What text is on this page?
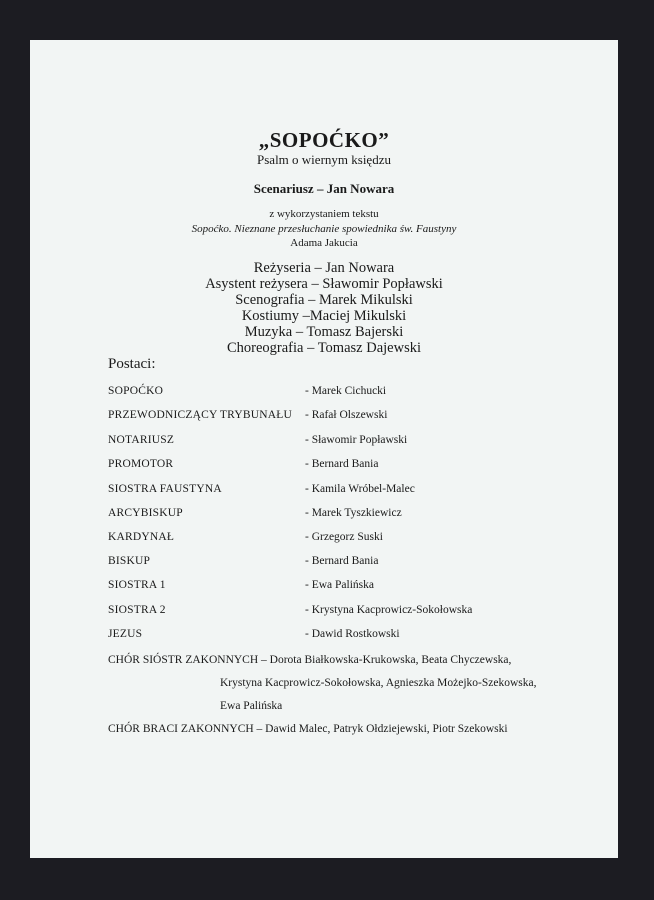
„SOPOĆKO”
Psalm o wiernym księdzu
Scenariusz – Jan Nowara
z wykorzystaniem tekstu
Sopoćko. Nieznane przesłuchanie spowiednika św. Faustyny
Adama Jakucia
Reżyseria – Jan Nowara
Asystent reżysera – Sławomir Popławski
Scenografia – Marek Mikulski
Kostiumy –Maciej Mikulski
Muzyka – Tomasz Bajerski
Choreografia – Tomasz Dajewski
Postaci:
SOPOĆKO	- Marek Cichucki
PRZEWODNICZĄCY TRYBUNAŁU - Rafał Olszewski
NOTARIUSZ	- Sławomir Popławski
PROMOTOR	- Bernard Bania
SIOSTRA FAUSTYNA	- Kamila Wróbel-Malec
ARCYBISKUP	- Marek Tyszkiewicz
KARDYNAŁ	- Grzegorz Suski
BISKUP	- Bernard Bania
SIOSTRA 1	- Ewa Palińska
SIOSTRA 2	- Krystyna Kacprowicz-Sokołowska
JEZUS	- Dawid Rostkowski
CHÓR SIÓSTR ZAKONNYCH – Dorota Białkowska-Krukowska, Beata Chyczewska,
Krystyna Kacprowicz-Sokołowska, Agnieszka Możejko-Szekowska,
Ewa Palińska
CHÓR BRACI ZAKONNYCH – Dawid Malec, Patryk Ołdziejewski, Piotr Szekowski
